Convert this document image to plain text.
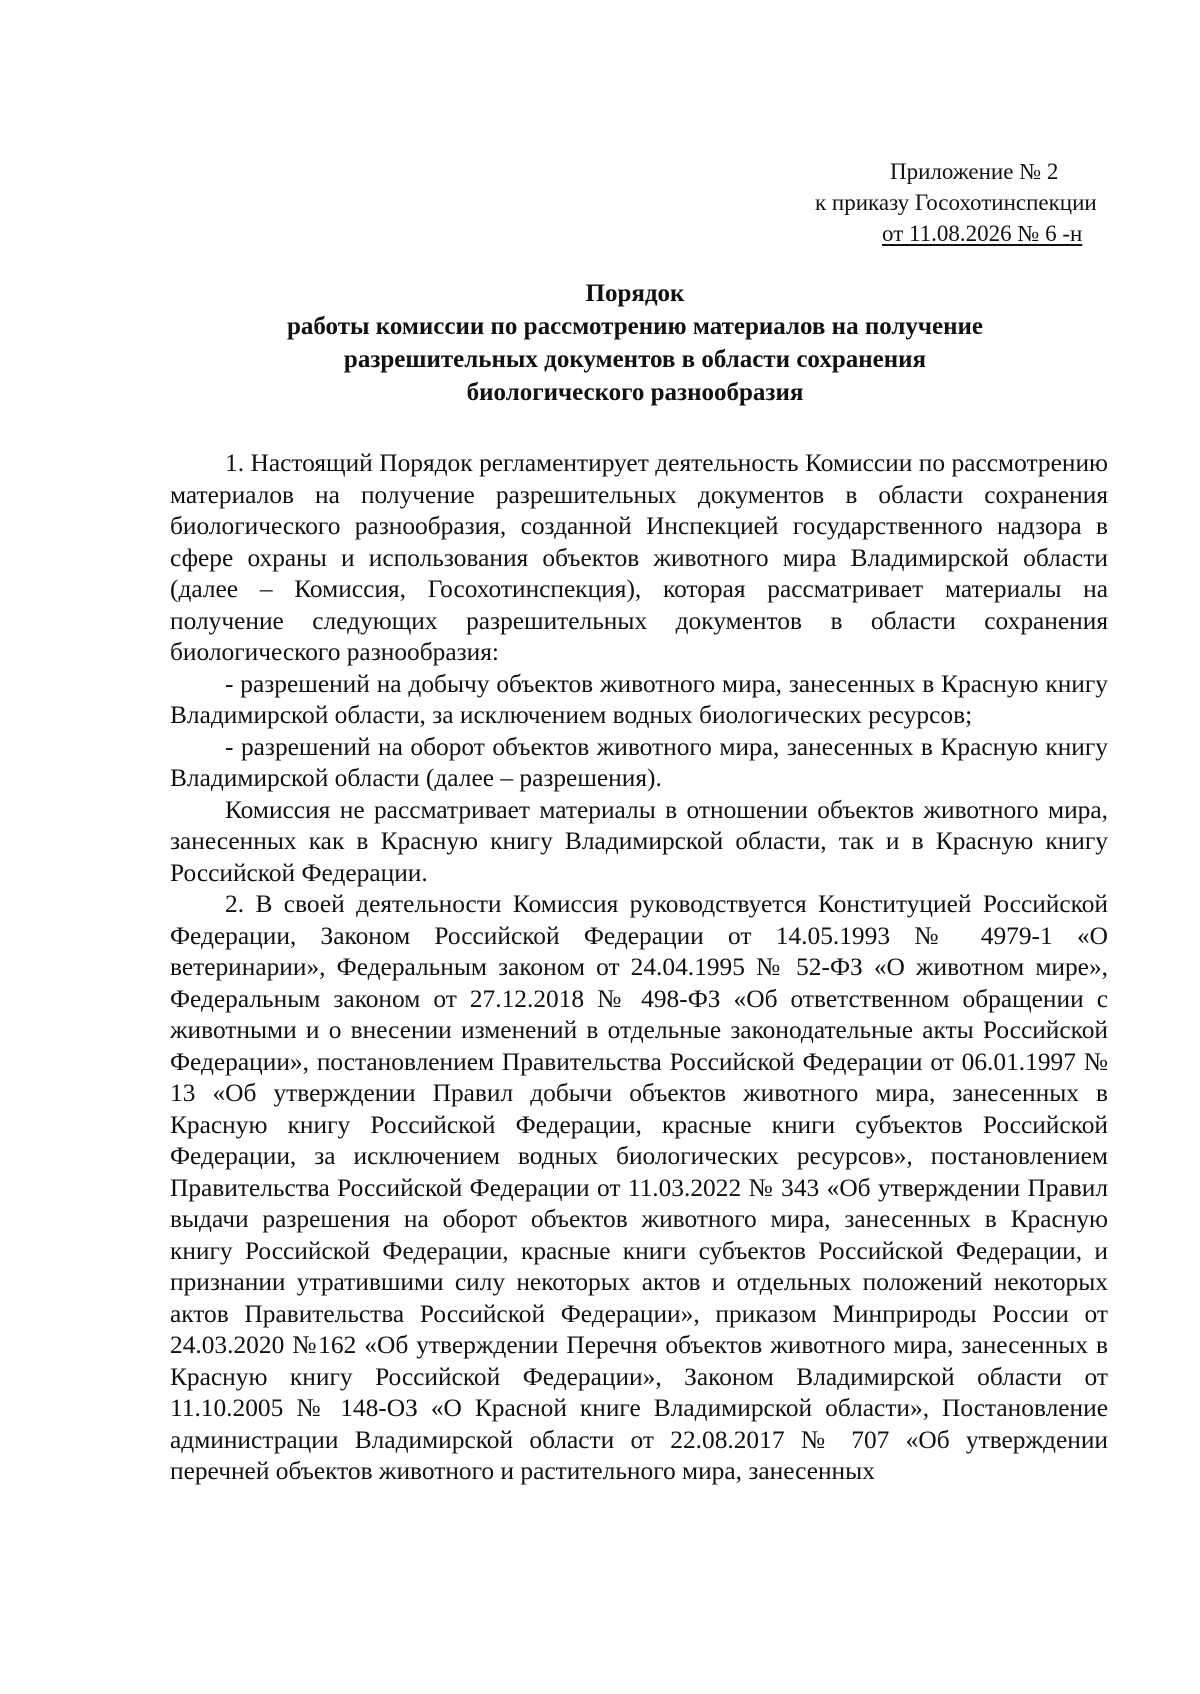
Приложение № 2
к приказу Госохотинспекции
от 11.08.2026 № 6 -н
Порядок
работы комиссии по рассмотрению материалов на получение
разрешительных документов в области сохранения
биологического разнообразия

1. Настоящий Порядок регламентирует деятельность Комиссии по рассмотрению материалов на получение разрешительных документов в области сохранения биологического разнообразия, созданной Инспекцией государственного надзора в сфере охраны и использования объектов животного мира Владимирской области (далее – Комиссия, Госохотинспекция), которая рассматривает материалы на получение следующих разрешительных документов в области сохранения биологического разнообразия:

- разрешений на добычу объектов животного мира, занесенных в Красную книгу Владимирской области, за исключением водных биологических ресурсов;

- разрешений на оборот объектов животного мира, занесенных в Красную книгу Владимирской области (далее – разрешения).

Комиссия не рассматривает материалы в отношении объектов животного мира, занесенных как в Красную книгу Владимирской области, так и в Красную книгу Российской Федерации.

2. В своей деятельности Комиссия руководствуется Конституцией Российской Федерации, Законом Российской Федерации от 14.05.1993 № 4979-1 «О ветеринарии», Федеральным законом от 24.04.1995 № 52-ФЗ «О животном мире», Федеральным законом от 27.12.2018 № 498-ФЗ «Об ответственном обращении с животными и о внесении изменений в отдельные законодательные акты Российской Федерации», постановлением Правительства Российской Федерации от 06.01.1997 № 13 «Об утверждении Правил добычи объектов животного мира, занесенных в Красную книгу Российской Федерации, красные книги субъектов Российской Федерации, за исключением водных биологических ресурсов», постановлением Правительства Российской Федерации от 11.03.2022 № 343 «Об утверждении Правил выдачи разрешения на оборот объектов животного мира, занесенных в Красную книгу Российской Федерации, красные книги субъектов Российской Федерации, и признании утратившими силу некоторых актов и отдельных положений некоторых актов Правительства Российской Федерации», приказом Минприроды России от 24.03.2020 №162 «Об утверждении Перечня объектов животного мира, занесенных в Красную книгу Российской Федерации», Законом Владимирской области от 11.10.2005 № 148-ОЗ «О Красной книге Владимирской области», Постановление администрации Владимирской области от 22.08.2017 № 707 «Об утверждении перечней объектов животного и растительного мира, занесенных
